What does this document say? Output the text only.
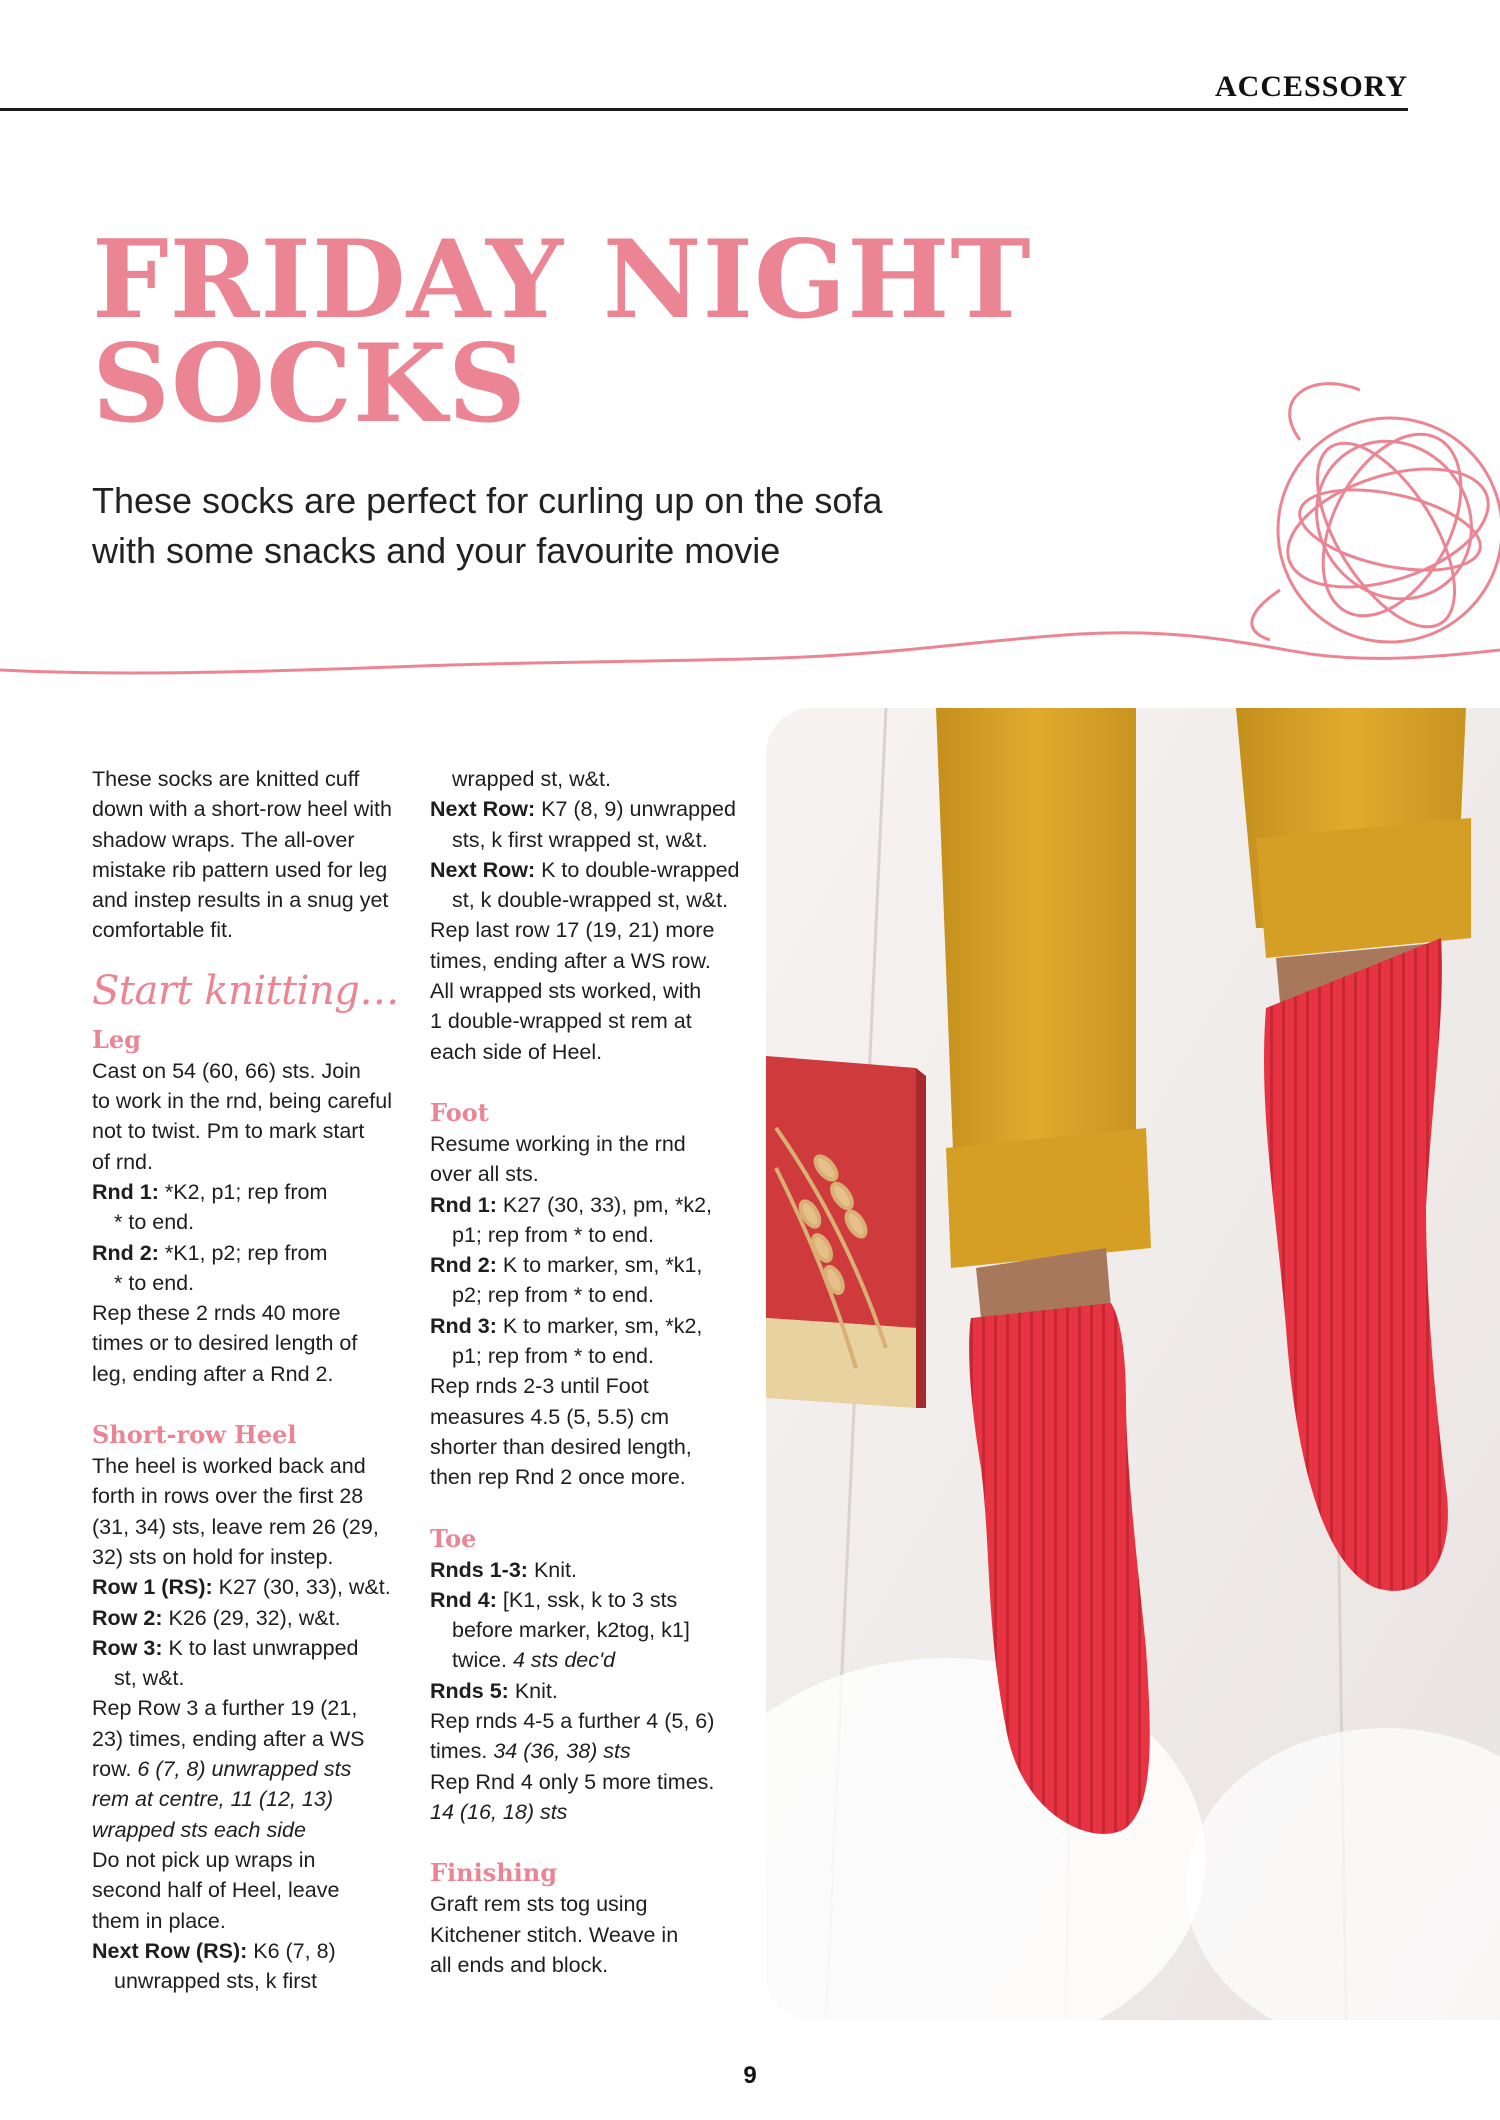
ACCESSORY
FRIDAY NIGHT
SOCKS
These socks are perfect for curling up on the sofa
with some snacks and your favourite movie
These socks are knitted cuff
down with a short-row heel with
shadow wraps. The all-over
mistake rib pattern used for leg
and instep results in a snug yet
comfortable fit.
Start knitting…
Leg
Cast on 54 (60, 66) sts. Join
to work in the rnd, being careful
not to twist. Pm to mark start
of rnd.
Rnd 1: *K2, p1; rep from
* to end.
Rnd 2: *K1, p2; rep from
* to end.
Rep these 2 rnds 40 more
times or to desired length of
leg, ending after a Rnd 2.
Short-row Heel
The heel is worked back and
forth in rows over the first 28
(31, 34) sts, leave rem 26 (29,
32) sts on hold for instep.
Row 1 (RS): K27 (30, 33), w&t.
Row 2: K26 (29, 32), w&t.
Row 3: K to last unwrapped
st, w&t.
Rep Row 3 a further 19 (21,
23) times, ending after a WS
row. 6 (7, 8) unwrapped sts
rem at centre, 11 (12, 13)
wrapped sts each side
Do not pick up wraps in
second half of Heel, leave
them in place.
Next Row (RS): K6 (7, 8)
unwrapped sts, k first
wrapped st, w&t.
Next Row: K7 (8, 9) unwrapped
sts, k first wrapped st, w&t.
Next Row: K to double-wrapped
st, k double-wrapped st, w&t.
Rep last row 17 (19, 21) more
times, ending after a WS row.
All wrapped sts worked, with
1 double-wrapped st rem at
each side of Heel.
Foot
Resume working in the rnd
over all sts.
Rnd 1: K27 (30, 33), pm, *k2,
p1; rep from * to end.
Rnd 2: K to marker, sm, *k1,
p2; rep from * to end.
Rnd 3: K to marker, sm, *k2,
p1; rep from * to end.
Rep rnds 2-3 until Foot
measures 4.5 (5, 5.5) cm
shorter than desired length,
then rep Rnd 2 once more.
Toe
Rnds 1-3: Knit.
Rnd 4: [K1, ssk, k to 3 sts
before marker, k2tog, k1]
twice. 4 sts dec'd
Rnds 5: Knit.
Rep rnds 4-5 a further 4 (5, 6)
times. 34 (36, 38) sts
Rep Rnd 4 only 5 more times.
14 (16, 18) sts
Finishing
Graft rem sts tog using
Kitchener stitch. Weave in
all ends and block.
9
